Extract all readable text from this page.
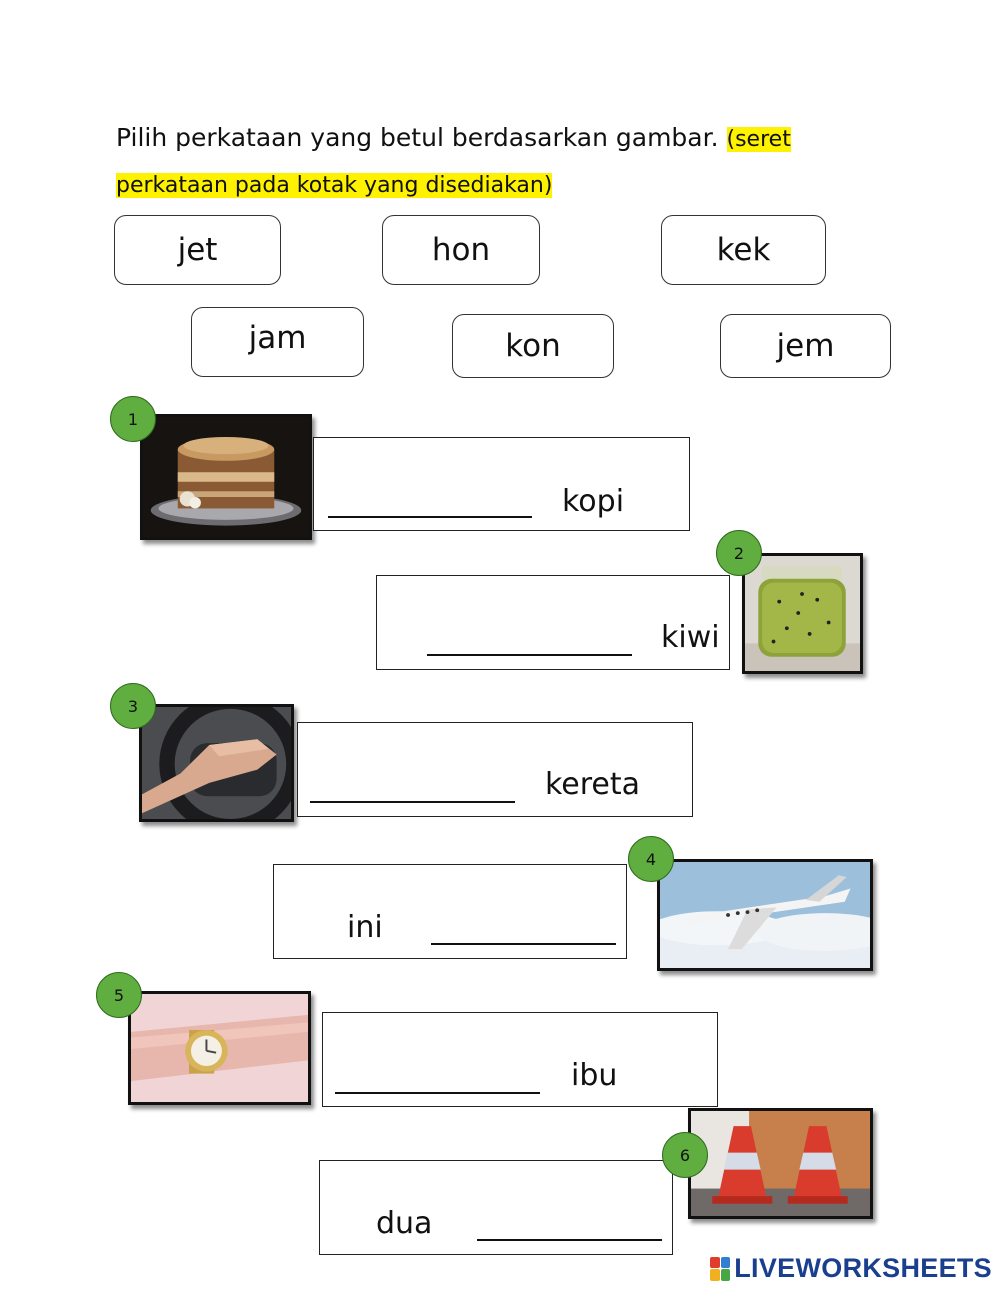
Pilih perkataan yang betul berdasarkan gambar. (seret perkataan pada kotak yang disediakan)
jet	hon	kek
jam	kon	jem
1
kopi
kiwi
2
3
kereta
ini
4
5
ibu
dua
6
LIVEWORKSHEETS
